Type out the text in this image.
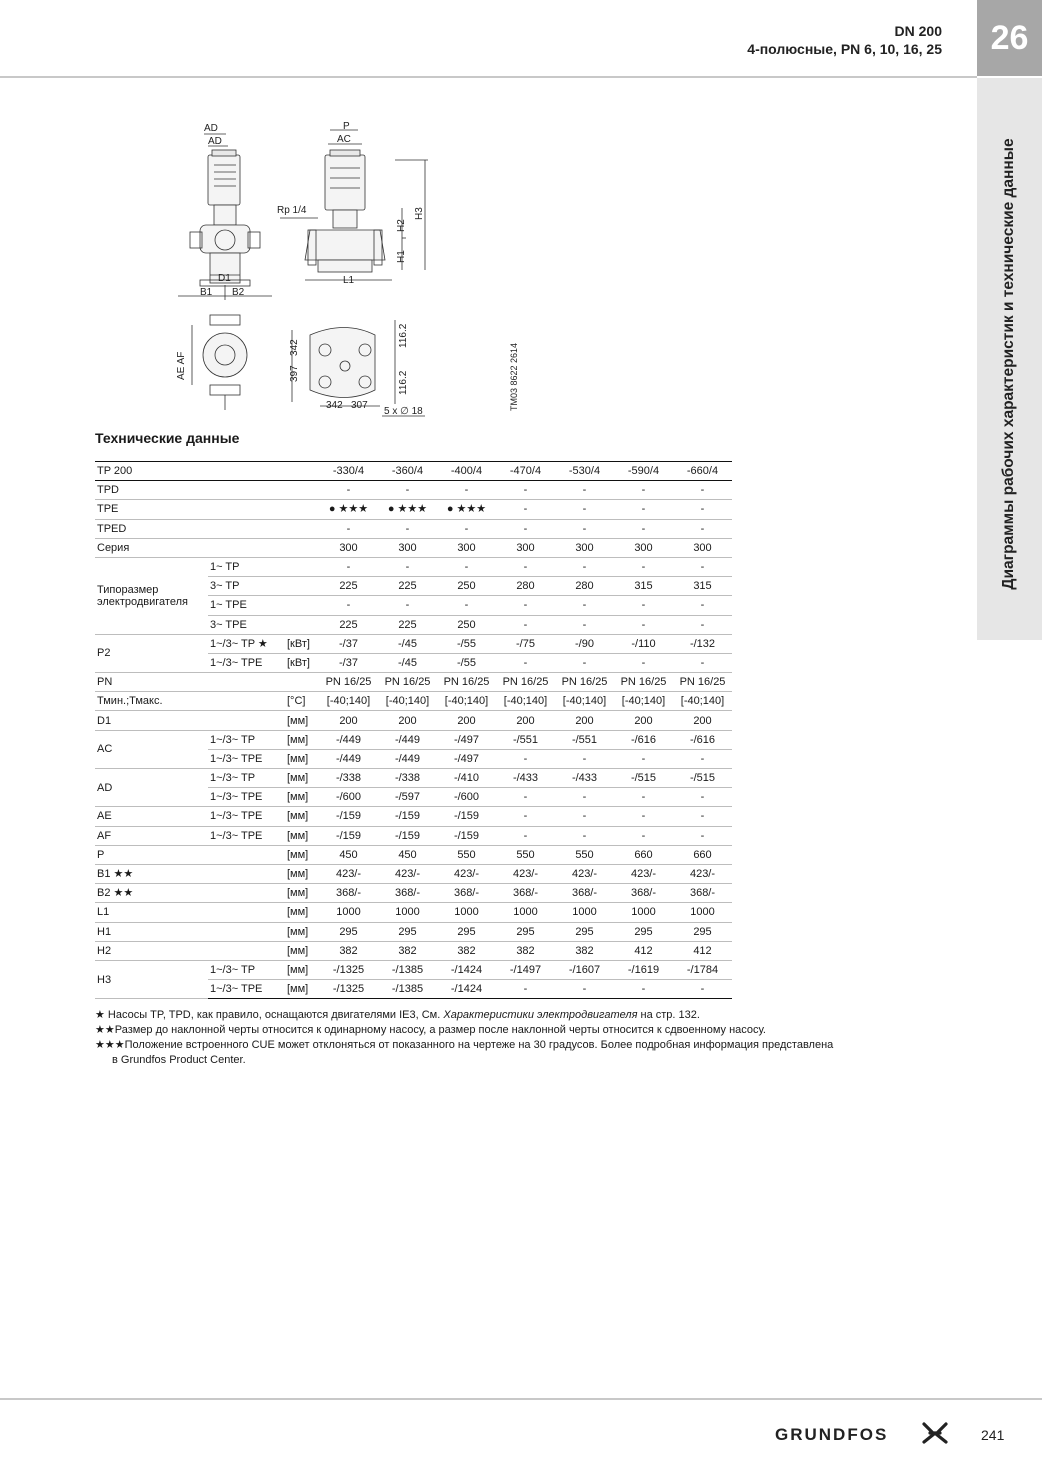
DN 200
4-полюсные, PN 6, 10, 16, 25	26
Диаграммы рабочих характеристик и технические данные
AD
AD
P
AC
Rp 1/4
L1
D1
B1 B2
H1
H2
H3
AE AF
116.2
116.2
342
397
342 307
5 x ∅ 18
TM03 8622 2614
Технические данные
TP 200			-330/4	-360/4	-400/4	-470/4	-530/4	-590/4	-660/4
TPD			-	-	-	-	-	-	-
TPE			● ★★★	● ★★★	● ★★★	-	-	-	-
TPED			-	-	-	-	-	-	-
Серия			300	300	300	300	300	300	300
Типоразмер электродвигателя	1~ TP		-	-	-	-	-	-	-
	3~ TP		225	225	250	280	280	315	315
	1~ TPE		-	-	-	-	-	-	-
	3~ TPE		225	225	250	-	-	-	-
P2	1~/3~ TP ★	[кВт]	-/37	-/45	-/55	-/75	-/90	-/110	-/132
	1~/3~ TPE	[кВт]	-/37	-/45	-/55	-	-	-	-
PN			PN 16/25	PN 16/25	PN 16/25	PN 16/25	PN 16/25	PN 16/25	PN 16/25
Тмин.;Тмакс.		[°C]	[-40;140]	[-40;140]	[-40;140]	[-40;140]	[-40;140]	[-40;140]	[-40;140]
D1		[мм]	200	200	200	200	200	200	200
AC	1~/3~ TP	[мм]	-/449	-/449	-/497	-/551	-/551	-/616	-/616
	1~/3~ TPE	[мм]	-/449	-/449	-/497	-	-	-	-
AD	1~/3~ TP	[мм]	-/338	-/338	-/410	-/433	-/433	-/515	-/515
	1~/3~ TPE	[мм]	-/600	-/597	-/600	-	-	-	-
AE	1~/3~ TPE	[мм]	-/159	-/159	-/159	-	-	-	-
AF	1~/3~ TPE	[мм]	-/159	-/159	-/159	-	-	-	-
P		[мм]	450	450	550	550	550	660	660
B1 ★★		[мм]	423/-	423/-	423/-	423/-	423/-	423/-	423/-
B2 ★★		[мм]	368/-	368/-	368/-	368/-	368/-	368/-	368/-
L1		[мм]	1000	1000	1000	1000	1000	1000	1000
H1		[мм]	295	295	295	295	295	295	295
H2		[мм]	382	382	382	382	382	412	412
H3	1~/3~ TP	[мм]	-/1325	-/1385	-/1424	-/1497	-/1607	-/1619	-/1784
	1~/3~ TPE	[мм]	-/1325	-/1385	-/1424	-	-	-	-
★ Насосы TP, TPD, как правило, оснащаются двигателями IE3, См. Характеристики электродвигателя на стр. 132.
★★Размер до наклонной черты относится к одинарному насосу, а размер после наклонной черты относится к сдвоенному насосу.
★★★Положение встроенного CUE может отклоняться от показанного на чертеже на 30 градусов. Более подробная информация представлена
в Grundfos Product Center.
GRUNDFOS	241
